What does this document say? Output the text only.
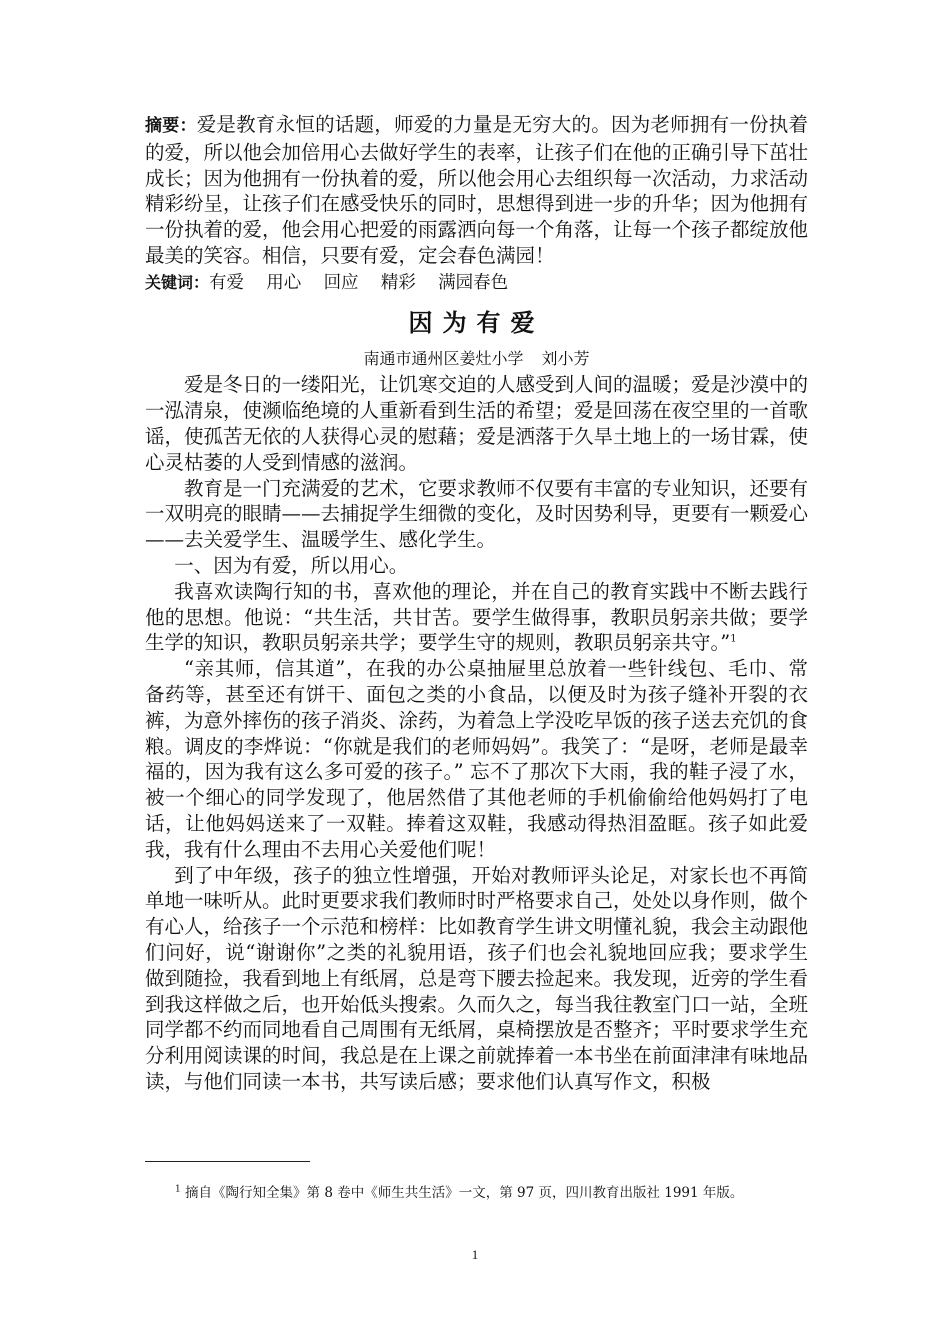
摘要：爱是教育永恒的话题，师爱的力量是无穷大的。因为老师拥有一份执着的爱，所以他会加倍用心去做好学生的表率，让孩子们在他的正确引导下茁壮成长；因为他拥有一份执着的爱，所以他会用心去组织每一次活动，力求活动精彩纷呈，让孩子们在感受快乐的同时，思想得到进一步的升华；因为他拥有一份执着的爱，他会用心把爱的雨露洒向每一个角落，让每一个孩子都绽放他最美的笑容。相信，只要有爱，定会春色满园！
关键词：有爱 用心 回应 精彩 满园春色
因为有爱
南通市通州区姜灶小学 刘小芳

爱是冬日的一缕阳光，让饥寒交迫的人感受到人间的温暖；爱是沙漠中的一泓清泉，使濒临绝境的人重新看到生活的希望；爱是回荡在夜空里的一首歌谣，使孤苦无依的人获得心灵的慰藉；爱是洒落于久旱土地上的一场甘霖，使心灵枯萎的人受到情感的滋润。

教育是一门充满爱的艺术，它要求教师不仅要有丰富的专业知识，还要有一双明亮的眼睛——去捕捉学生细微的变化，及时因势利导，更要有一颗爱心——去关爱学生、温暖学生、感化学生。

一、因为有爱，所以用心。

我喜欢读陶行知的书，喜欢他的理论，并在自己的教育实践中不断去践行他的思想。他说：“共生活，共甘苦。要学生做得事，教职员躬亲共做；要学生学的知识，教职员躬亲共学；要学生守的规则，教职员躬亲共守。”$^1$

“亲其师，信其道”，在我的办公桌抽屉里总放着一些针线包、毛巾、常备药等，甚至还有饼干、面包之类的小食品，以便及时为孩子缝补开裂的衣裤，为意外摔伤的孩子消炎、涂药，为着急上学没吃早饭的孩子送去充饥的食粮。调皮的李烨说：“你就是我们的老师妈妈”。我笑了：“是呀，老师是最幸福的，因为我有这么多可爱的孩子。” 忘不了那次下大雨，我的鞋子浸了水，被一个细心的同学发现了，他居然借了其他老师的手机偷偷给他妈妈打了电话，让他妈妈送来了一双鞋。捧着这双鞋，我感动得热泪盈眶。孩子如此爱我，我有什么理由不去用心关爱他们呢！

到了中年级，孩子的独立性增强，开始对教师评头论足，对家长也不再简单地一味听从。此时更要求我们教师时时严格要求自己，处处以身作则，做个有心人，给孩子一个示范和榜样：比如教育学生讲文明懂礼貌，我会主动跟他们问好，说“谢谢你”之类的礼貌用语，孩子们也会礼貌地回应我；要求学生做到随捡，我看到地上有纸屑，总是弯下腰去捡起来。我发现，近旁的学生看到我这样做之后，也开始低头搜索。久而久之，每当我往教室门口一站，全班同学都不约而同地看自己周围有无纸屑，桌椅摆放是否整齐；平时要求学生充分利用阅读课的时间，我总是在上课之前就捧着一本书坐在前面津津有味地品读，与他们同读一本书，共写读后感；要求他们认真写作文，积极

$^1$ 摘自《陶行知全集》第 8 卷中《师生共生活》一文，第 97 页，四川教育出版社 1991 年版。
1
